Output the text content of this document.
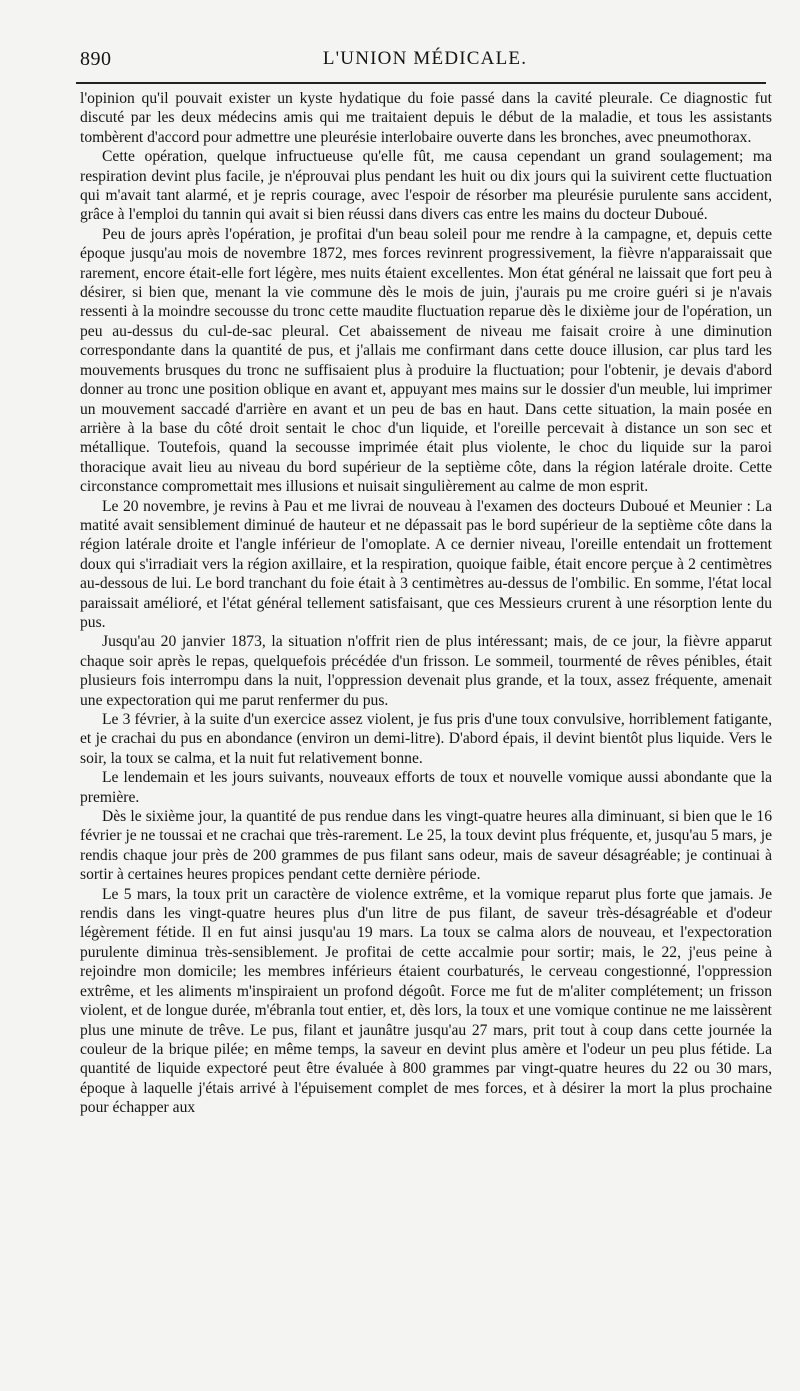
890	L'UNION MÉDICALE.

l'opinion qu'il pouvait exister un kyste hydatique du foie passé dans la cavité pleurale. Ce diagnostic fut discuté par les deux médecins amis qui me traitaient depuis le début de la maladie, et tous les assistants tombèrent d'accord pour admettre une pleurésie interlobaire ouverte dans les bronches, avec pneumothorax.

Cette opération, quelque infructueuse qu'elle fût, me causa cependant un grand soulagement; ma respiration devint plus facile, je n'éprouvai plus pendant les huit ou dix jours qui la suivirent cette fluctuation qui m'avait tant alarmé, et je repris courage, avec l'espoir de résorber ma pleurésie purulente sans accident, grâce à l'emploi du tannin qui avait si bien réussi dans divers cas entre les mains du docteur Duboué.

Peu de jours après l'opération, je profitai d'un beau soleil pour me rendre à la campagne, et, depuis cette époque jusqu'au mois de novembre 1872, mes forces revinrent progressivement, la fièvre n'apparaissait que rarement, encore était-elle fort légère, mes nuits étaient excellentes. Mon état général ne laissait que fort peu à désirer, si bien que, menant la vie commune dès le mois de juin, j'aurais pu me croire guéri si je n'avais ressenti à la moindre secousse du tronc cette maudite fluctuation reparue dès le dixième jour de l'opération, un peu au-dessus du cul-de-sac pleural. Cet abaissement de niveau me faisait croire à une diminution correspondante dans la quantité de pus, et j'allais me confirmant dans cette douce illusion, car plus tard les mouvements brusques du tronc ne suffisaient plus à produire la fluctuation; pour l'obtenir, je devais d'abord donner au tronc une position oblique en avant et, appuyant mes mains sur le dossier d'un meuble, lui imprimer un mouvement saccadé d'arrière en avant et un peu de bas en haut. Dans cette situation, la main posée en arrière à la base du côté droit sentait le choc d'un liquide, et l'oreille percevait à distance un son sec et métallique. Toutefois, quand la secousse imprimée était plus violente, le choc du liquide sur la paroi thoracique avait lieu au niveau du bord supérieur de la septième côte, dans la région latérale droite. Cette circonstance compromettait mes illusions et nuisait singulièrement au calme de mon esprit.

Le 20 novembre, je revins à Pau et me livrai de nouveau à l'examen des docteurs Duboué et Meunier : La matité avait sensiblement diminué de hauteur et ne dépassait pas le bord supérieur de la septième côte dans la région latérale droite et l'angle inférieur de l'omoplate. A ce dernier niveau, l'oreille entendait un frottement doux qui s'irradiait vers la région axillaire, et la respiration, quoique faible, était encore perçue à 2 centimètres au-dessous de lui. Le bord tranchant du foie était à 3 centimètres au-dessus de l'ombilic. En somme, l'état local paraissait amélioré, et l'état général tellement satisfaisant, que ces Messieurs crurent à une résorption lente du pus.

Jusqu'au 20 janvier 1873, la situation n'offrit rien de plus intéressant; mais, de ce jour, la fièvre apparut chaque soir après le repas, quelquefois précédée d'un frisson. Le sommeil, tourmenté de rêves pénibles, était plusieurs fois interrompu dans la nuit, l'oppression devenait plus grande, et la toux, assez fréquente, amenait une expectoration qui me parut renfermer du pus.

Le 3 février, à la suite d'un exercice assez violent, je fus pris d'une toux convulsive, horriblement fatigante, et je crachai du pus en abondance (environ un demi-litre). D'abord épais, il devint bientôt plus liquide. Vers le soir, la toux se calma, et la nuit fut relativement bonne.

Le lendemain et les jours suivants, nouveaux efforts de toux et nouvelle vomique aussi abondante que la première.

Dès le sixième jour, la quantité de pus rendue dans les vingt-quatre heures alla diminuant, si bien que le 16 février je ne toussai et ne crachai que très-rarement. Le 25, la toux devint plus fréquente, et, jusqu'au 5 mars, je rendis chaque jour près de 200 grammes de pus filant sans odeur, mais de saveur désagréable; je continuai à sortir à certaines heures propices pendant cette dernière période.

Le 5 mars, la toux prit un caractère de violence extrême, et la vomique reparut plus forte que jamais. Je rendis dans les vingt-quatre heures plus d'un litre de pus filant, de saveur très-désagréable et d'odeur légèrement fétide. Il en fut ainsi jusqu'au 19 mars. La toux se calma alors de nouveau, et l'expectoration purulente diminua très-sensiblement. Je profitai de cette accalmie pour sortir; mais, le 22, j'eus peine à rejoindre mon domicile; les membres inférieurs étaient courbaturés, le cerveau congestionné, l'oppression extrême, et les aliments m'inspiraient un profond dégoût. Force me fut de m'aliter complétement; un frisson violent, et de longue durée, m'ébranla tout entier, et, dès lors, la toux et une vomique continue ne me laissèrent plus une minute de trêve. Le pus, filant et jaunâtre jusqu'au 27 mars, prit tout à coup dans cette journée la couleur de la brique pilée; en même temps, la saveur en devint plus amère et l'odeur un peu plus fétide. La quantité de liquide expectoré peut être évaluée à 800 grammes par vingt-quatre heures du 22 ou 30 mars, époque à laquelle j'étais arrivé à l'épuisement complet de mes forces, et à désirer la mort la plus prochaine pour échapper aux
